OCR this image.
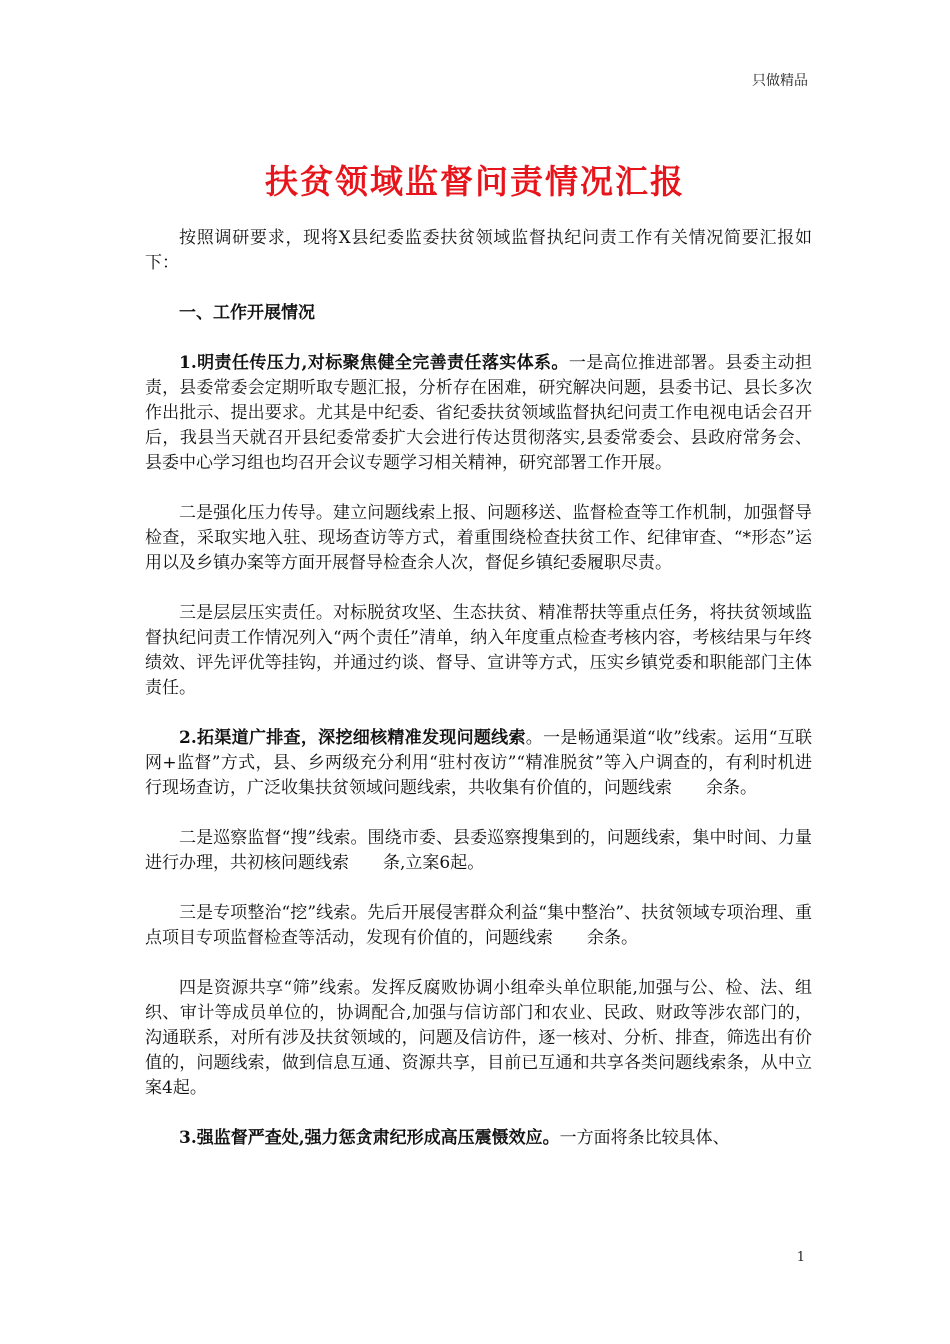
只做精品
扶贫领域监督问责情况汇报

按照调研要求，现将X县纪委监委扶贫领域监督执纪问责工作有关情况简要汇报如下：

一、工作开展情况

1.明责任传压力,对标聚焦健全完善责任落实体系。一是高位推进部署。县委主动担责，县委常委会定期听取专题汇报，分析存在困难，研究解决问题，县委书记、县长多次作出批示、提出要求。尤其是中纪委、省纪委扶贫领域监督执纪问责工作电视电话会召开后，我县当天就召开县纪委常委扩大会进行传达贯彻落实,县委常委会、县政府常务会、县委中心学习组也均召开会议专题学习相关精神，研究部署工作开展。

二是强化压力传导。建立问题线索上报、问题移送、监督检查等工作机制，加强督导检查，采取实地入驻、现场查访等方式，着重围绕检查扶贫工作、纪律审查、“*形态”运用以及乡镇办案等方面开展督导检查余人次，督促乡镇纪委履职尽责。

三是层层压实责任。对标脱贫攻坚、生态扶贫、精准帮扶等重点任务，将扶贫领域监督执纪问责工作情况列入“两个责任”清单，纳入年度重点检查考核内容，考核结果与年终绩效、评先评优等挂钩，并通过约谈、督导、宣讲等方式，压实乡镇党委和职能部门主体责任。

2.拓渠道广排查，深挖细核精准发现问题线索。一是畅通渠道“收”线索。运用“互联网+监督”方式，县、乡两级充分利用“驻村夜访”“精准脱贫”等入户调查的，有利时机进行现场查访，广泛收集扶贫领域问题线索，共收集有价值的，问题线索　　余条。

二是巡察监督“搜”线索。围绕市委、县委巡察搜集到的，问题线索，集中时间、力量进行办理，共初核问题线索　　条,立案6起。

三是专项整治“挖”线索。先后开展侵害群众利益“集中整治”、扶贫领域专项治理、重点项目专项监督检查等活动，发现有价值的，问题线索　　余条。

四是资源共享“筛”线索。发挥反腐败协调小组牵头单位职能,加强与公、检、法、组织、审计等成员单位的，协调配合,加强与信访部门和农业、民政、财政等涉农部门的，沟通联系，对所有涉及扶贫领域的，问题及信访件，逐一核对、分析、排查，筛选出有价值的，问题线索，做到信息互通、资源共享，目前已互通和共享各类问题线索条，从中立案4起。

3.强监督严查处,强力惩贪肃纪形成高压震慑效应。一方面将条比较具体、

1
